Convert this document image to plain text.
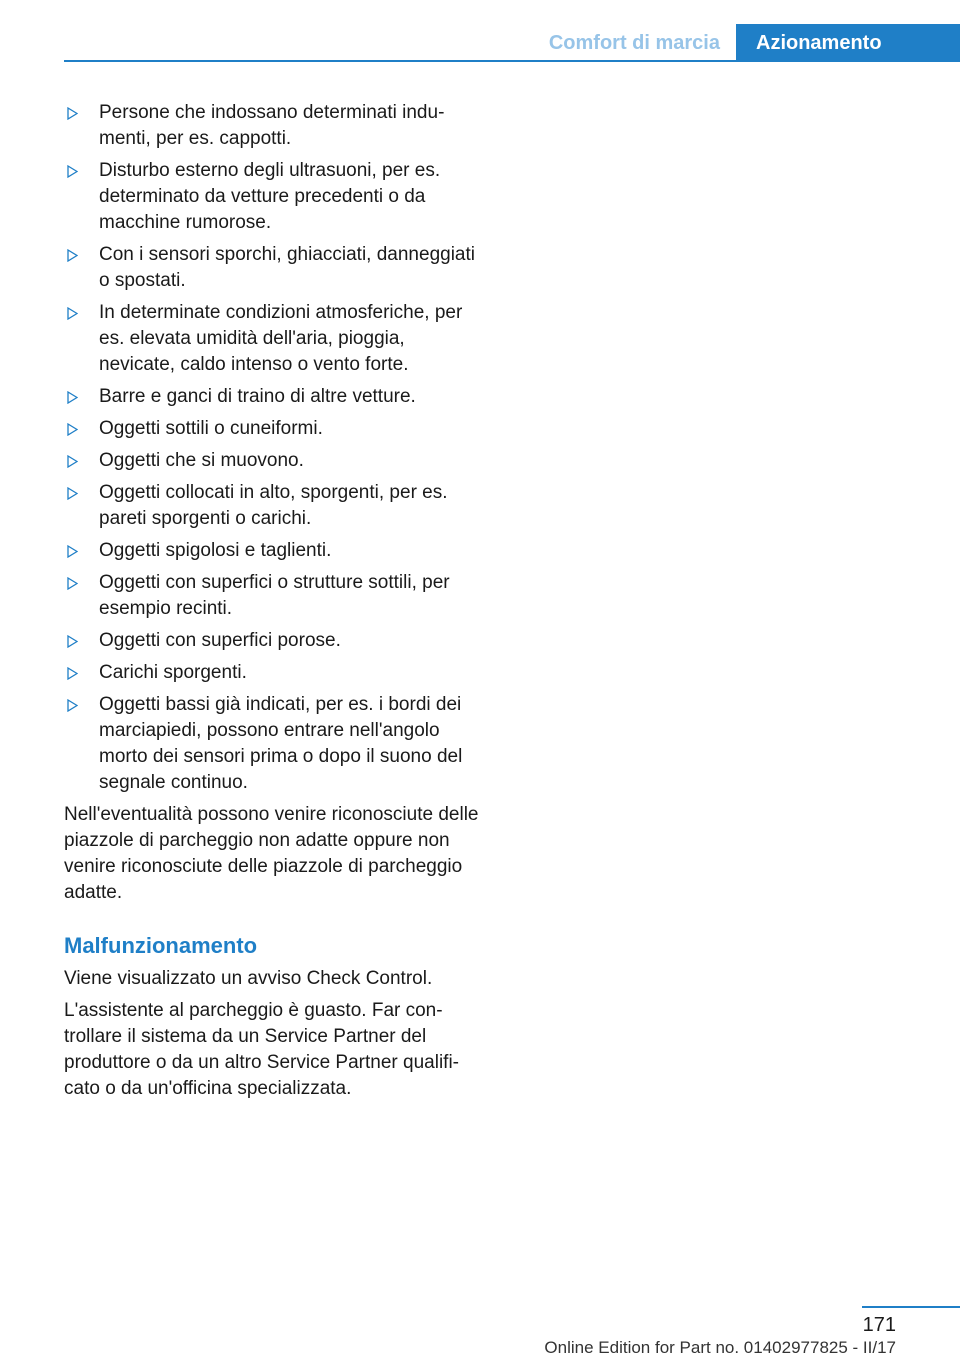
Comfort di marcia	Azionamento
Persone che indossano determinati indumenti, per es. cappotti.
Disturbo esterno degli ultrasuoni, per es. determinato da vetture precedenti o da macchine rumorose.
Con i sensori sporchi, ghiacciati, danneggiati o spostati.
In determinate condizioni atmosferiche, per es. elevata umidità dell'aria, pioggia, nevicate, caldo intenso o vento forte.
Barre e ganci di traino di altre vetture.
Oggetti sottili o cuneiformi.
Oggetti che si muovono.
Oggetti collocati in alto, sporgenti, per es. pareti sporgenti o carichi.
Oggetti spigolosi e taglienti.
Oggetti con superfici o strutture sottili, per esempio recinti.
Oggetti con superfici porose.
Carichi sporgenti.
Oggetti bassi già indicati, per es. i bordi dei marciapiedi, possono entrare nell'angolo morto dei sensori prima o dopo il suono del segnale continuo.

Nell'eventualità possono venire riconosciute delle piazzole di parcheggio non adatte oppure non venire riconosciute delle piazzole di parcheggio adatte.

Malfunzionamento

Viene visualizzato un avviso Check Control.

L'assistente al parcheggio è guasto. Far controllare il sistema da un Service Partner del produttore o da un altro Service Partner qualificato o da un'officina specializzata.

171
Online Edition for Part no. 01402977825 - II/17
